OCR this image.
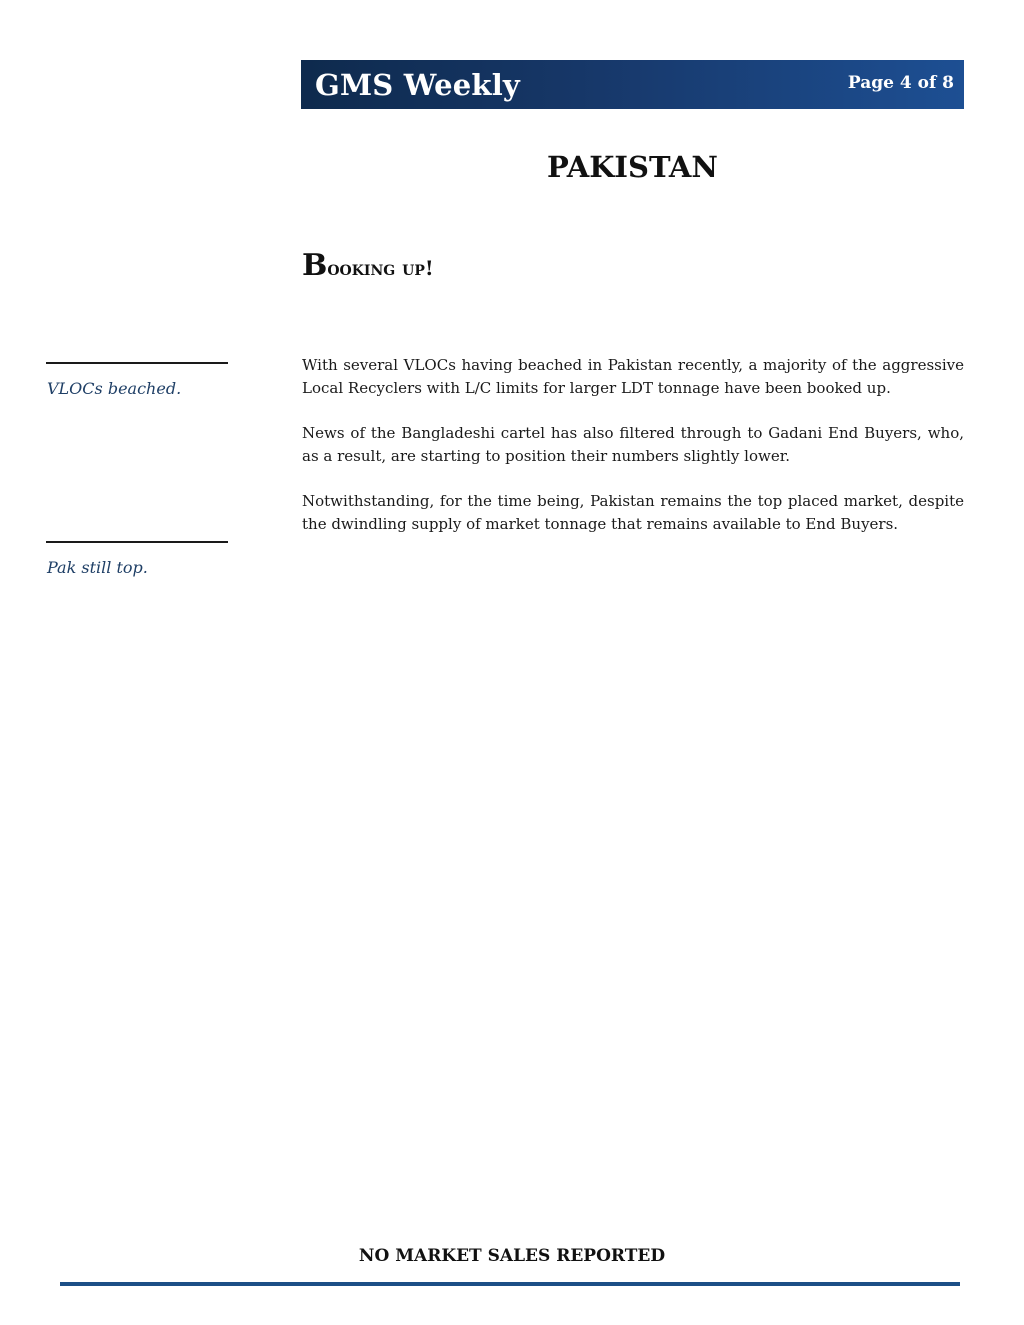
GMS Weekly	Page 4 of 8
PAKISTAN
Booking up!
VLOCs beached.
Pak still top.

With several VLOCs having beached in Pakistan recently, a majority of the aggressive Local Recyclers with L/C limits for larger LDT tonnage have been booked up.

News of the Bangladeshi cartel has also filtered through to Gadani End Buyers, who, as a result, are starting to position their numbers slightly lower.

Notwithstanding, for the time being, Pakistan remains the top placed market, despite the dwindling supply of market tonnage that remains available to End Buyers.

NO MARKET SALES REPORTED
